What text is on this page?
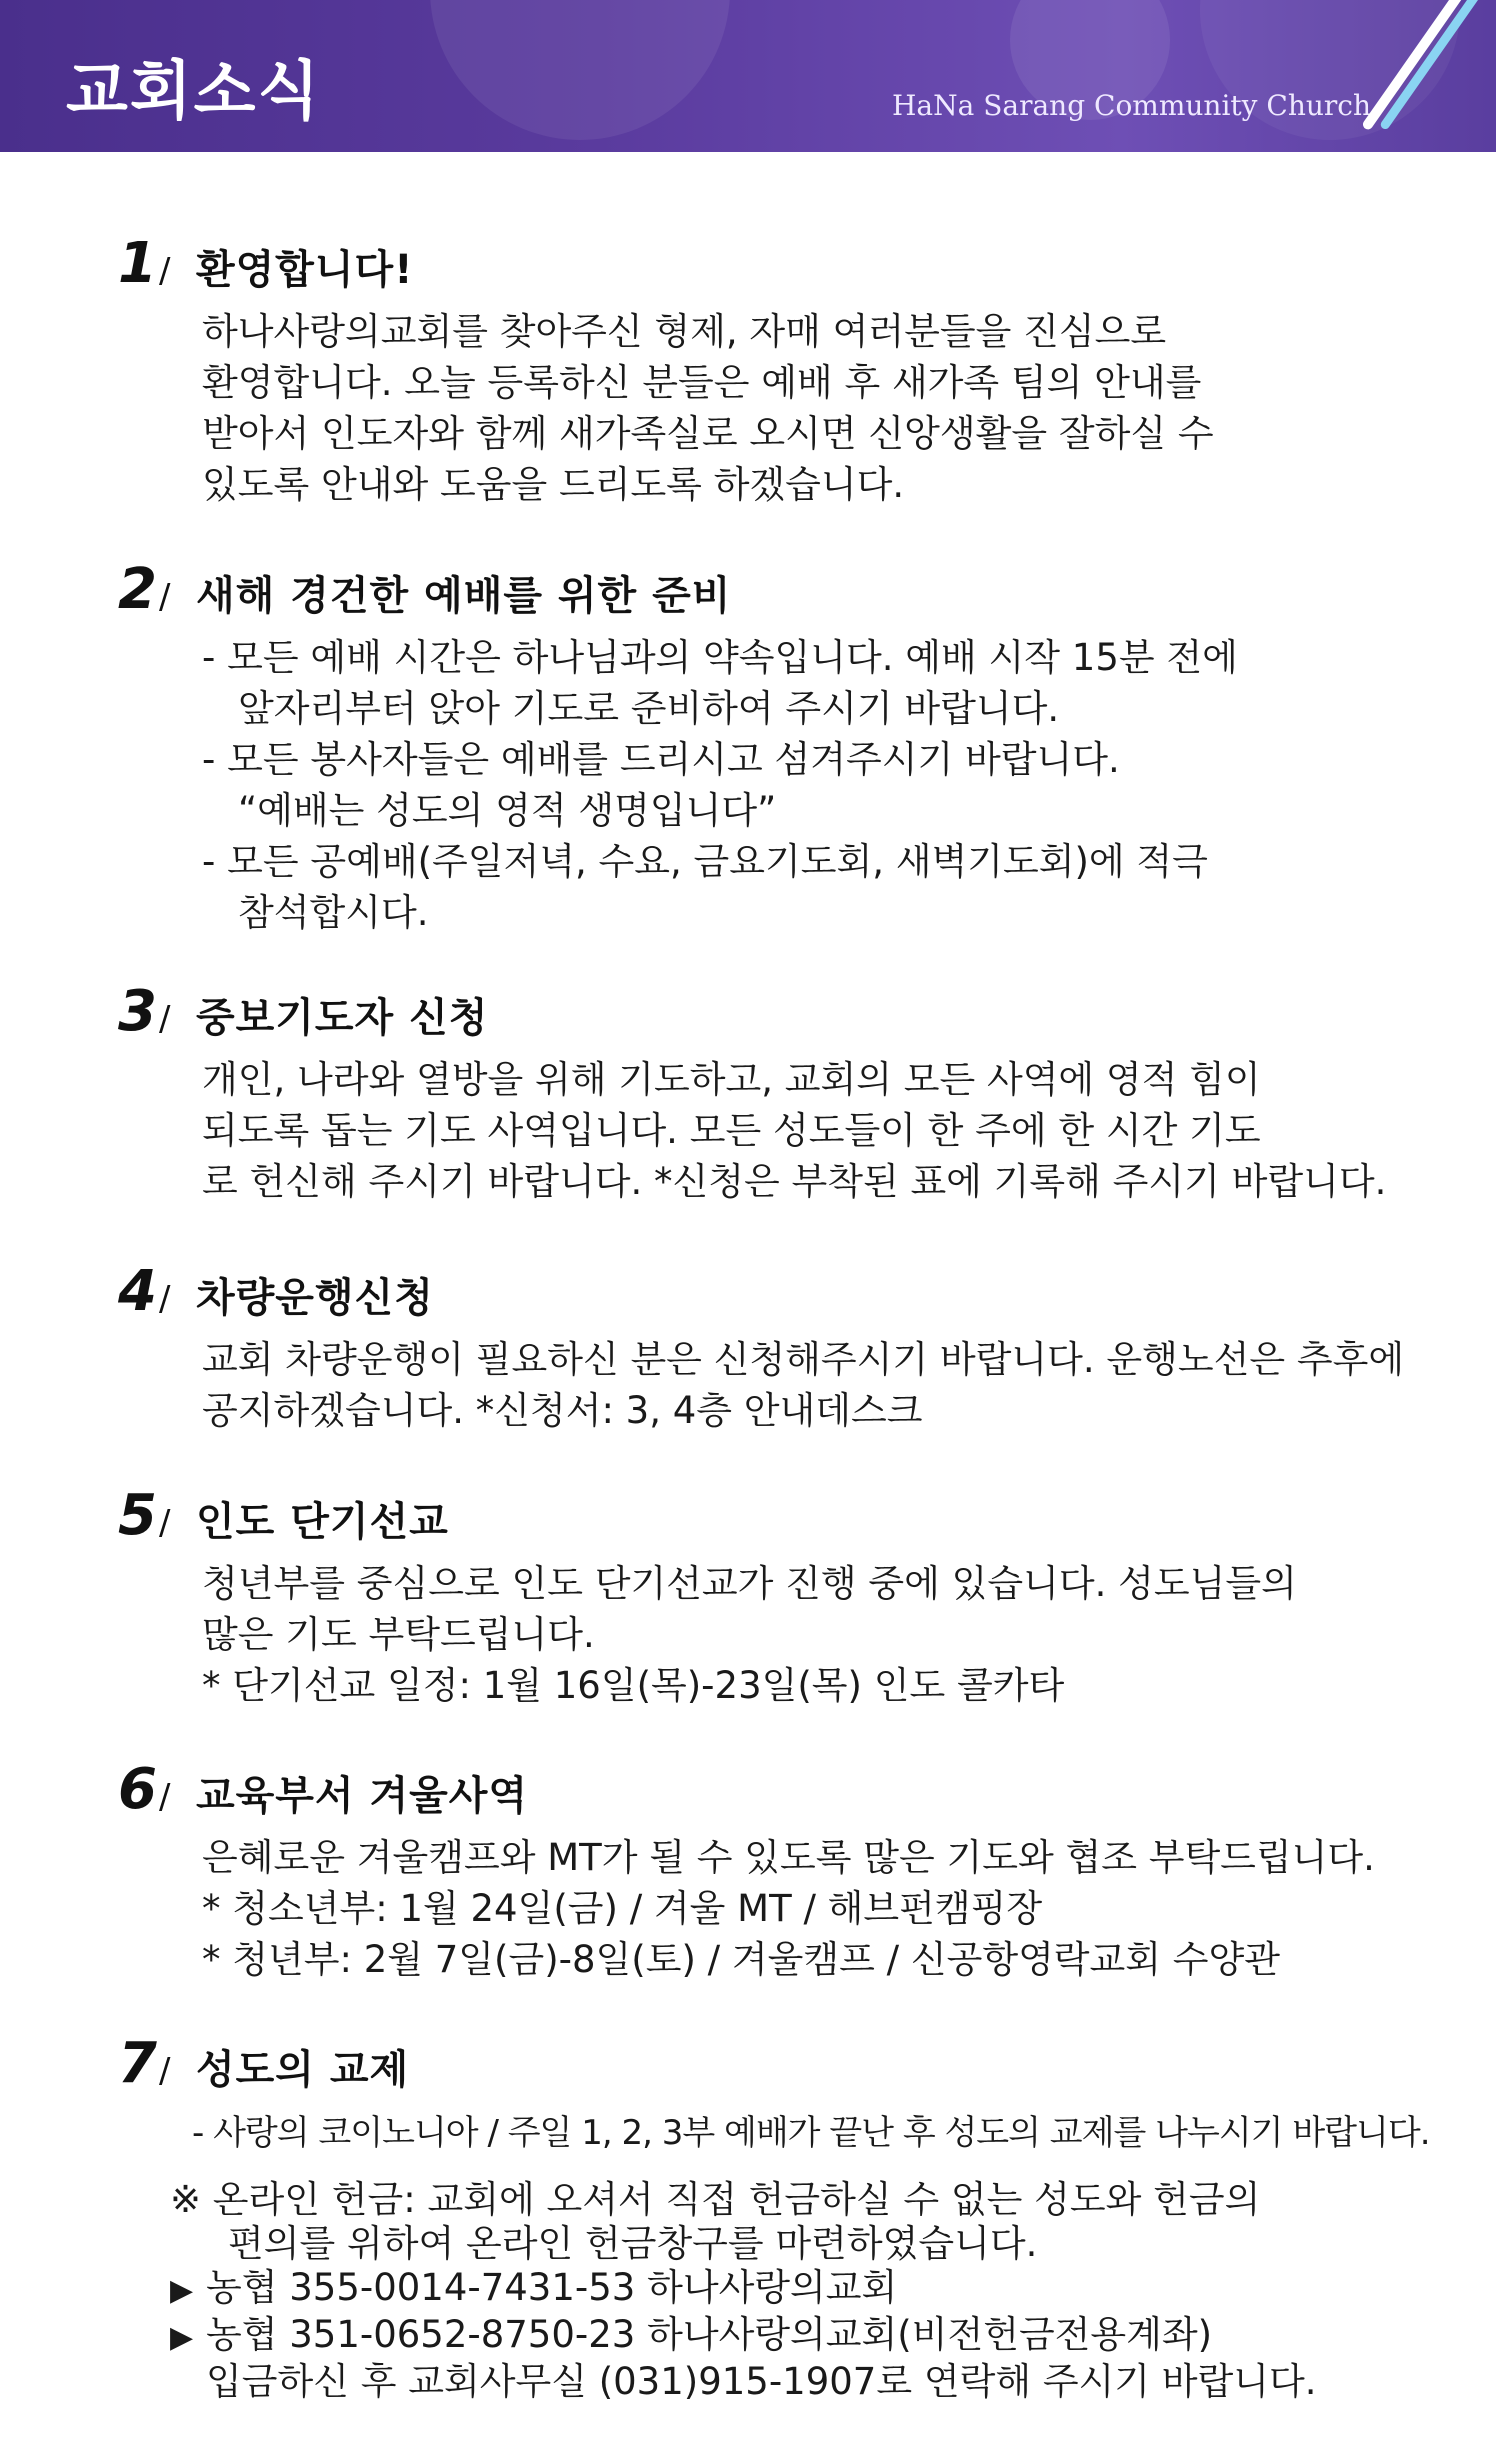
교회소식	HaNa Sarang Community Church
1/ 환영합니다!
하나사랑의교회를 찾아주신 형제, 자매 여러분들을 진심으로
환영합니다. 오늘 등록하신 분들은 예배 후 새가족 팀의 안내를
받아서 인도자와 함께 새가족실로 오시면 신앙생활을 잘하실 수
있도록 안내와 도움을 드리도록 하겠습니다.
2/ 새해 경건한 예배를 위한 준비
- 모든 예배 시간은 하나님과의 약속입니다. 예배 시작 15분 전에
앞자리부터 앉아 기도로 준비하여 주시기 바랍니다.
- 모든 봉사자들은 예배를 드리시고 섬겨주시기 바랍니다.
“예배는 성도의 영적 생명입니다”
- 모든 공예배(주일저녁, 수요, 금요기도회, 새벽기도회)에 적극
참석합시다.
3/ 중보기도자 신청
개인, 나라와 열방을 위해 기도하고, 교회의 모든 사역에 영적 힘이
되도록 돕는 기도 사역입니다. 모든 성도들이 한 주에 한 시간 기도
로 헌신해 주시기 바랍니다. *신청은 부착된 표에 기록해 주시기 바랍니다.
4/ 차량운행신청
교회 차량운행이 필요하신 분은 신청해주시기 바랍니다. 운행노선은 추후에
공지하겠습니다. *신청서: 3, 4층 안내데스크
5/ 인도 단기선교
청년부를 중심으로 인도 단기선교가 진행 중에 있습니다. 성도님들의
많은 기도 부탁드립니다.
* 단기선교 일정: 1월 16일(목)-23일(목) 인도 콜카타
6/ 교육부서 겨울사역
은혜로운 겨울캠프와 MT가 될 수 있도록 많은 기도와 협조 부탁드립니다.
* 청소년부: 1월 24일(금) / 겨울 MT / 해브펀캠핑장
* 청년부: 2월 7일(금)-8일(토) / 겨울캠프 / 신공항영락교회 수양관
7/ 성도의 교제
- 사랑의 코이노니아 / 주일 1, 2, 3부 예배가 끝난 후 성도의 교제를 나누시기 바랍니다.
※ 온라인 헌금: 교회에 오셔서 직접 헌금하실 수 없는 성도와 헌금의
편의를 위하여 온라인 헌금창구를 마련하였습니다.
▶ 농협 355-0014-7431-53 하나사랑의교회
▶ 농협 351-0652-8750-23 하나사랑의교회(비전헌금전용계좌)
입금하신 후 교회사무실 (031)915-1907로 연락해 주시기 바랍니다.
